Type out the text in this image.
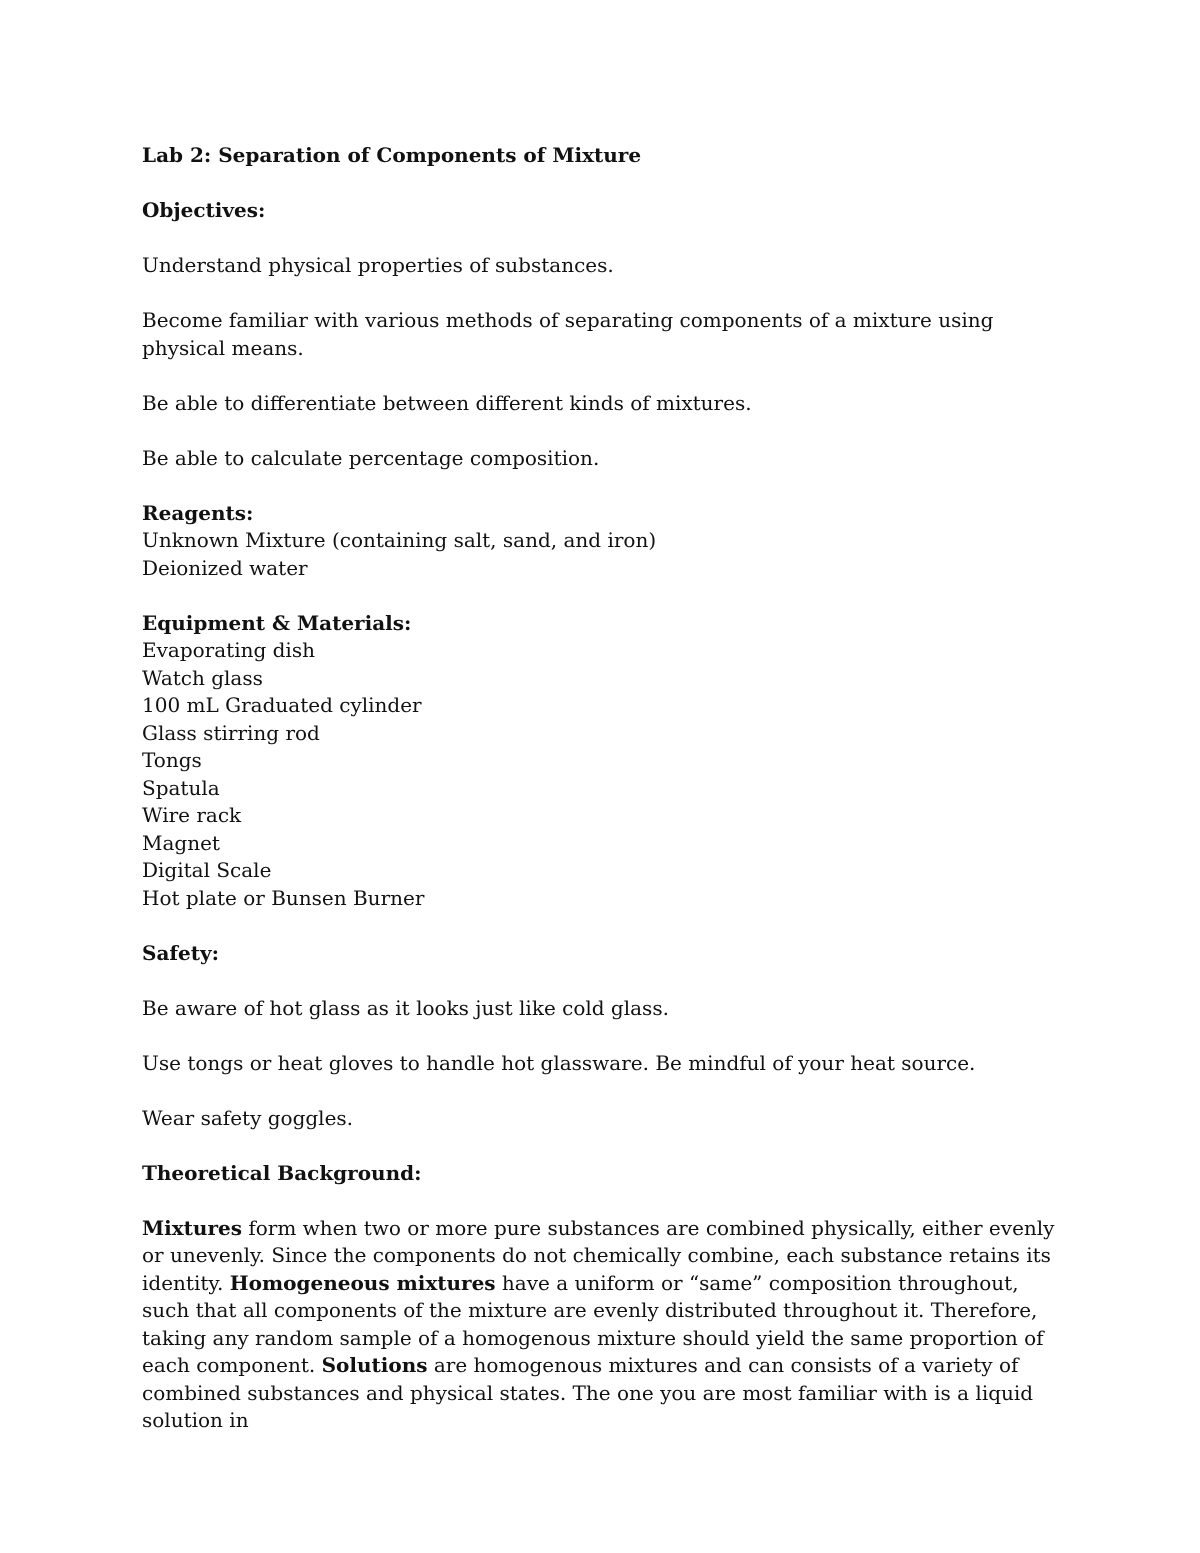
Lab 2: Separation of Components of Mixture

Objectives:

Understand physical properties of substances.

Become familiar with various methods of separating components of a mixture using physical means.

Be able to differentiate between different kinds of mixtures.

Be able to calculate percentage composition.

Reagents:

Unknown Mixture (containing salt, sand, and iron)

Deionized water

Equipment & Materials:

Evaporating dish

Watch glass

100 mL Graduated cylinder

Glass stirring rod

Tongs

Spatula

Wire rack

Magnet

Digital Scale

Hot plate or Bunsen Burner

Safety:

Be aware of hot glass as it looks just like cold glass.

Use tongs or heat gloves to handle hot glassware. Be mindful of your heat source.

Wear safety goggles.

Theoretical Background:

Mixtures form when two or more pure substances are combined physically, either evenly or unevenly. Since the components do not chemically combine, each substance retains its identity. Homogeneous mixtures have a uniform or “same” composition throughout, such that all components of the mixture are evenly distributed throughout it. Therefore, taking any random sample of a homogenous mixture should yield the same proportion of each component. Solutions are homogenous mixtures and can consists of a variety of combined substances and physical states. The one you are most familiar with is a liquid solution in
